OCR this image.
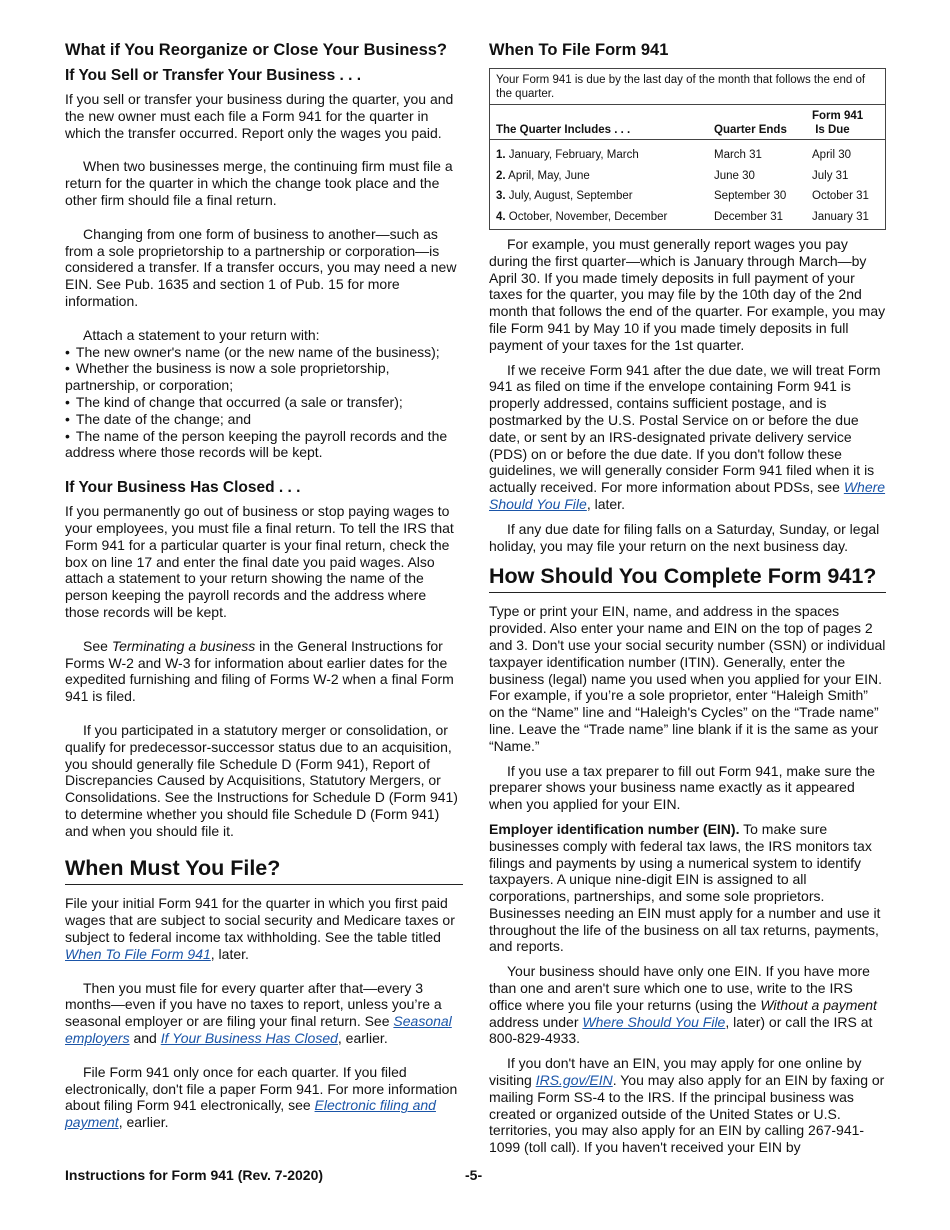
What if You Reorganize or Close Your Business?
If You Sell or Transfer Your Business . . .

If you sell or transfer your business during the quarter, you and the new owner must each file a Form 941 for the quarter in which the transfer occurred. Report only the wages you paid.

When two businesses merge, the continuing firm must file a return for the quarter in which the change took place and the other firm should file a final return.

Changing from one form of business to another—such as from a sole proprietorship to a partnership or corporation—is considered a transfer. If a transfer occurs, you may need a new EIN. See Pub. 1635 and section 1 of Pub. 15 for more information.

Attach a statement to your return with:

• The new owner's name (or the new name of the business);
• Whether the business is now a sole proprietorship, partnership, or corporation;
• The kind of change that occurred (a sale or transfer);
• The date of the change; and
• The name of the person keeping the payroll records and the address where those records will be kept.
If Your Business Has Closed . . .

If you permanently go out of business or stop paying wages to your employees, you must file a final return. To tell the IRS that Form 941 for a particular quarter is your final return, check the box on line 17 and enter the final date you paid wages. Also attach a statement to your return showing the name of the person keeping the payroll records and the address where those records will be kept.

See Terminating a business in the General Instructions for Forms W-2 and W-3 for information about earlier dates for the expedited furnishing and filing of Forms W-2 when a final Form 941 is filed.

If you participated in a statutory merger or consolidation, or qualify for predecessor-successor status due to an acquisition, you should generally file Schedule D (Form 941), Report of Discrepancies Caused by Acquisitions, Statutory Mergers, or Consolidations. See the Instructions for Schedule D (Form 941) to determine whether you should file Schedule D (Form 941) and when you should file it.

When Must You File?

File your initial Form 941 for the quarter in which you first paid wages that are subject to social security and Medicare taxes or subject to federal income tax withholding. See the table titled When To File Form 941, later.

Then you must file for every quarter after that—every 3 months—even if you have no taxes to report, unless you’re a seasonal employer or are filing your final return. See Seasonal employers and If Your Business Has Closed, earlier.

File Form 941 only once for each quarter. If you filed electronically, don't file a paper Form 941. For more information about filing Form 941 electronically, see Electronic filing and payment, earlier.

When To File Form 941
Your Form 941 is due by the last day of the month that follows the end of the quarter.		
The Quarter Includes . . .	Quarter Ends	Form 941
Is Due
1. January, February, March	March 31	April 30
2. April, May, June	June 30	July 31
3. July, August, September	September 30	October 31
4. October, November, December	December 31	January 31

For example, you must generally report wages you pay during the first quarter—which is January through March—by April 30. If you made timely deposits in full payment of your taxes for the quarter, you may file by the 10th day of the 2nd month that follows the end of the quarter. For example, you may file Form 941 by May 10 if you made timely deposits in full payment of your taxes for the 1st quarter.

If we receive Form 941 after the due date, we will treat Form 941 as filed on time if the envelope containing Form 941 is properly addressed, contains sufficient postage, and is postmarked by the U.S. Postal Service on or before the due date, or sent by an IRS-designated private delivery service (PDS) on or before the due date. If you don't follow these guidelines, we will generally consider Form 941 filed when it is actually received. For more information about PDSs, see Where Should You File, later.

If any due date for filing falls on a Saturday, Sunday, or legal holiday, you may file your return on the next business day.

How Should You Complete Form 941?

Type or print your EIN, name, and address in the spaces provided. Also enter your name and EIN on the top of pages 2 and 3. Don't use your social security number (SSN) or individual taxpayer identification number (ITIN). Generally, enter the business (legal) name you used when you applied for your EIN. For example, if you’re a sole proprietor, enter “Haleigh Smith” on the “Name” line and “Haleigh's Cycles” on the “Trade name” line. Leave the “Trade name” line blank if it is the same as your “Name.”

If you use a tax preparer to fill out Form 941, make sure the preparer shows your business name exactly as it appeared when you applied for your EIN.

Employer identification number (EIN). To make sure businesses comply with federal tax laws, the IRS monitors tax filings and payments by using a numerical system to identify taxpayers. A unique nine-digit EIN is assigned to all corporations, partnerships, and some sole proprietors. Businesses needing an EIN must apply for a number and use it throughout the life of the business on all tax returns, payments, and reports.

Your business should have only one EIN. If you have more than one and aren't sure which one to use, write to the IRS office where you file your returns (using the Without a payment address under Where Should You File, later) or call the IRS at 800-829-4933.

If you don't have an EIN, you may apply for one online by visiting IRS.gov/EIN. You may also apply for an EIN by faxing or mailing Form SS-4 to the IRS. If the principal business was created or organized outside of the United States or U.S. territories, you may also apply for an EIN by calling 267-941-1099 (toll call). If you haven't received your EIN by

Instructions for Form 941 (Rev. 7-2020)	-5-
